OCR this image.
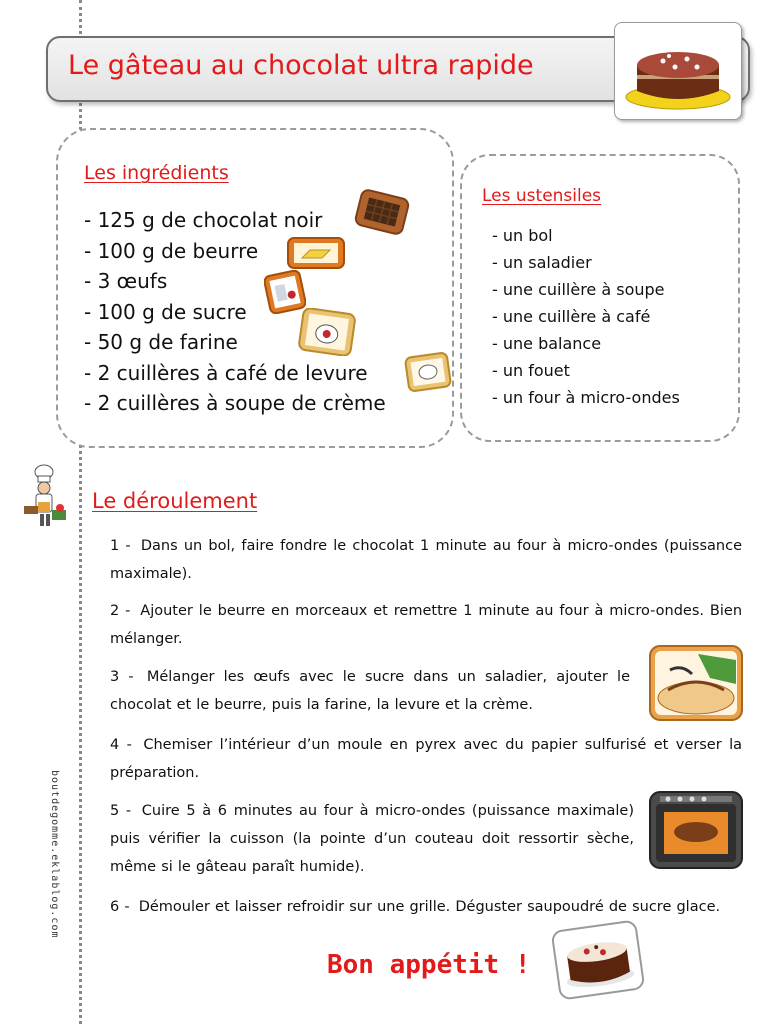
boutdegomme.eklablog.com
Le gâteau au chocolat ultra rapide
Les ingrédients
- 125 g de chocolat noir
- 100 g de beurre
- 3 œufs
- 100 g de sucre
- 50 g de farine
- 2 cuillères à café de levure
- 2 cuillères à soupe de crème
Les ustensiles
- un bol
- un saladier
- une cuillère à soupe
- une cuillère à café
- une balance
- un fouet
- un four à micro-ondes
Le déroulement
1 - Dans un bol, faire fondre le chocolat 1 minute au four à micro-ondes (puissance maximale).
2 - Ajouter le beurre en morceaux et remettre 1 minute au four à micro-ondes. Bien mélanger.
3 - Mélanger les œufs avec le sucre dans un saladier, ajouter le chocolat et le beurre, puis la farine, la levure et la crème.
4 - Chemiser l’intérieur d’un moule en pyrex avec du papier sulfurisé et verser la préparation.
5 - Cuire 5 à 6 minutes au four à micro-ondes (puissance maximale) puis vérifier la cuisson (la pointe d’un couteau doit ressortir sèche, même si le gâteau paraît humide).
6 - Démouler et laisser refroidir sur une grille. Déguster saupoudré de sucre glace.
Bon appétit !
